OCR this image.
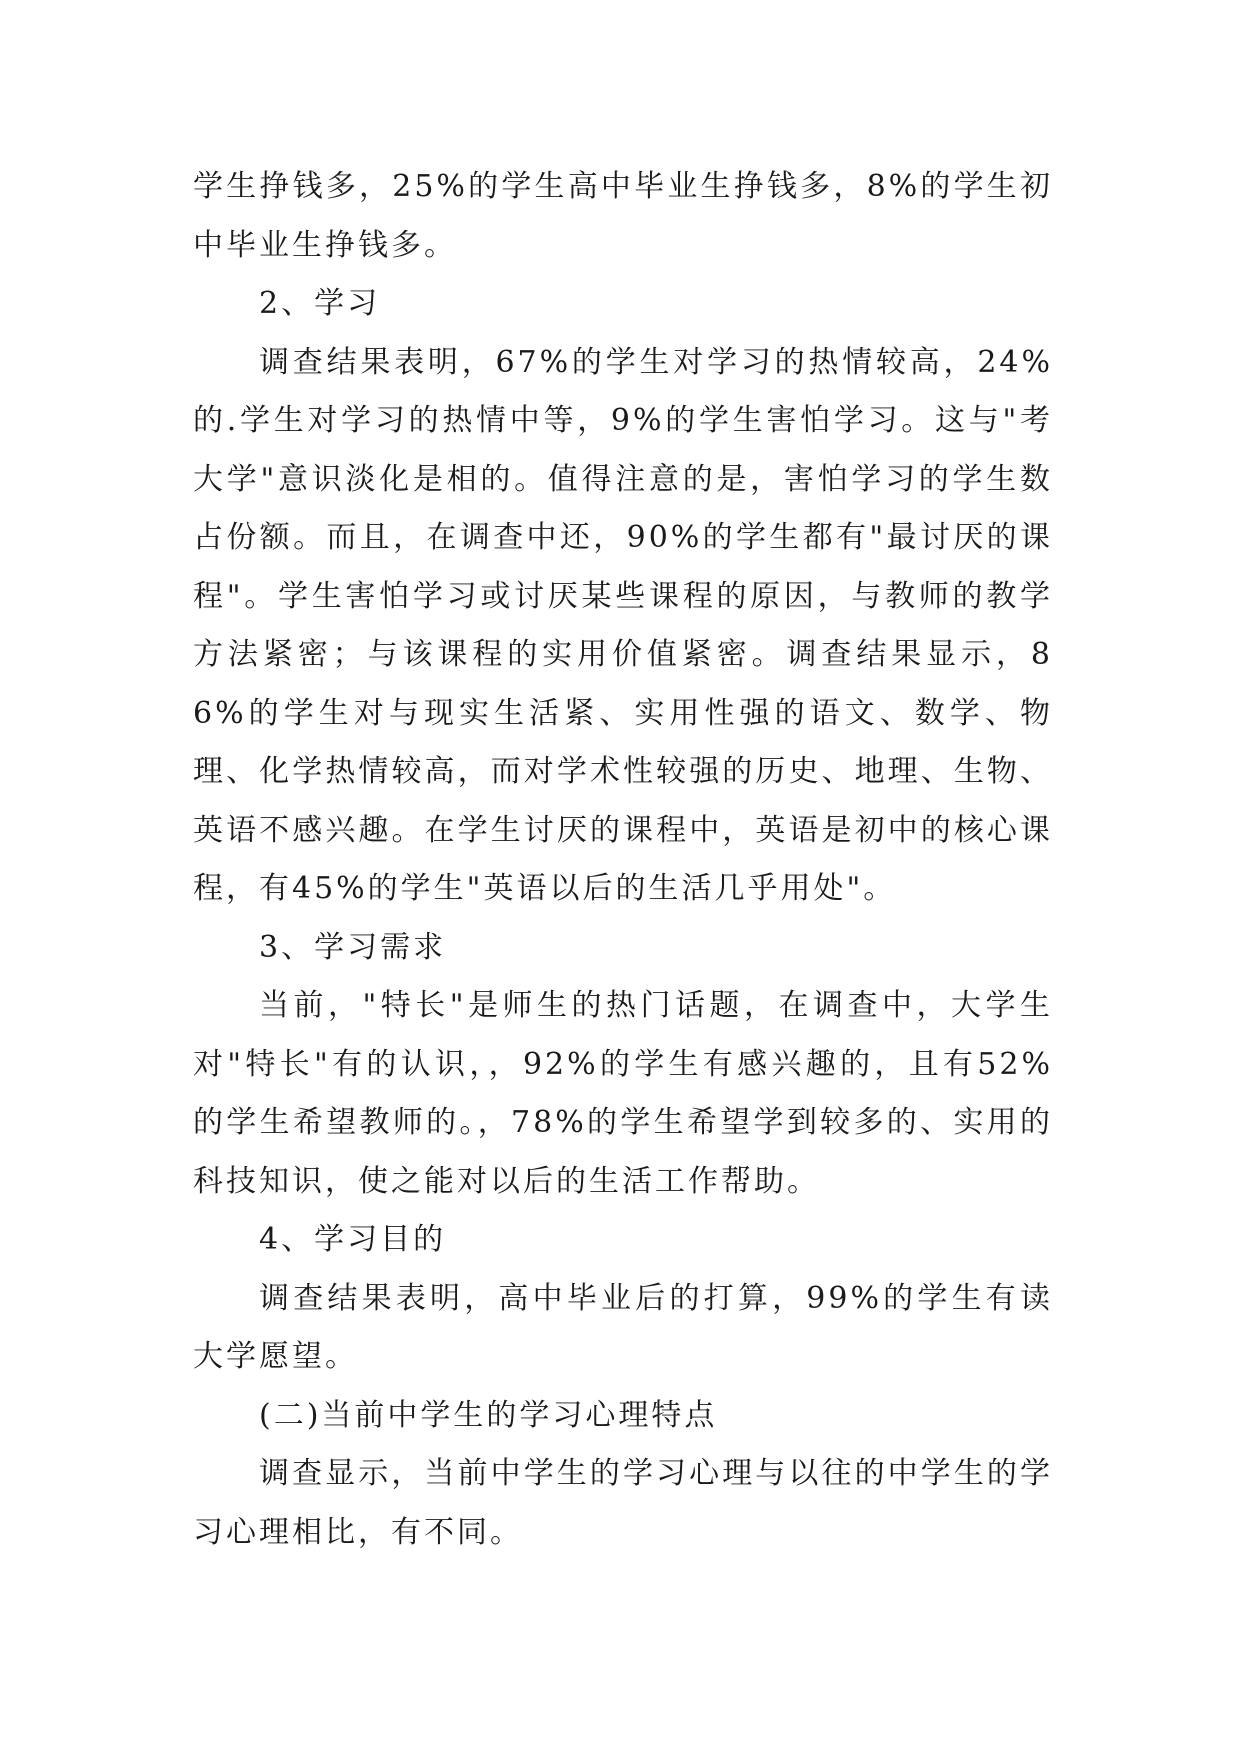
学生挣钱多，25%的学生高中毕业生挣钱多，8%的学生初中毕业生挣钱多。

2、学习

调查结果表明，67%的学生对学习的热情较高，24%的.学生对学习的热情中等，9%的学生害怕学习。这与"考大学"意识淡化是相的。值得注意的是，害怕学习的学生数占份额。而且，在调查中还，90%的学生都有"最讨厌的课程"。学生害怕学习或讨厌某些课程的原因，与教师的教学方法紧密；与该课程的实用价值紧密。调查结果显示，86%的学生对与现实生活紧、实用性强的语文、数学、物理、化学热情较高，而对学术性较强的历史、地理、生物、英语不感兴趣。在学生讨厌的课程中，英语是初中的核心课程，有45%的学生"英语以后的生活几乎用处"。

3、学习需求

当前，"特长"是师生的热门话题，在调查中，大学生对"特长"有的认识，，92%的学生有感兴趣的，且有52%的学生希望教师的。，78%的学生希望学到较多的、实用的科技知识，使之能对以后的生活工作帮助。

4、学习目的

调查结果表明，高中毕业后的打算，99%的学生有读大学愿望。

(二)当前中学生的学习心理特点

调查显示，当前中学生的学习心理与以往的中学生的学习心理相比，有不同。
